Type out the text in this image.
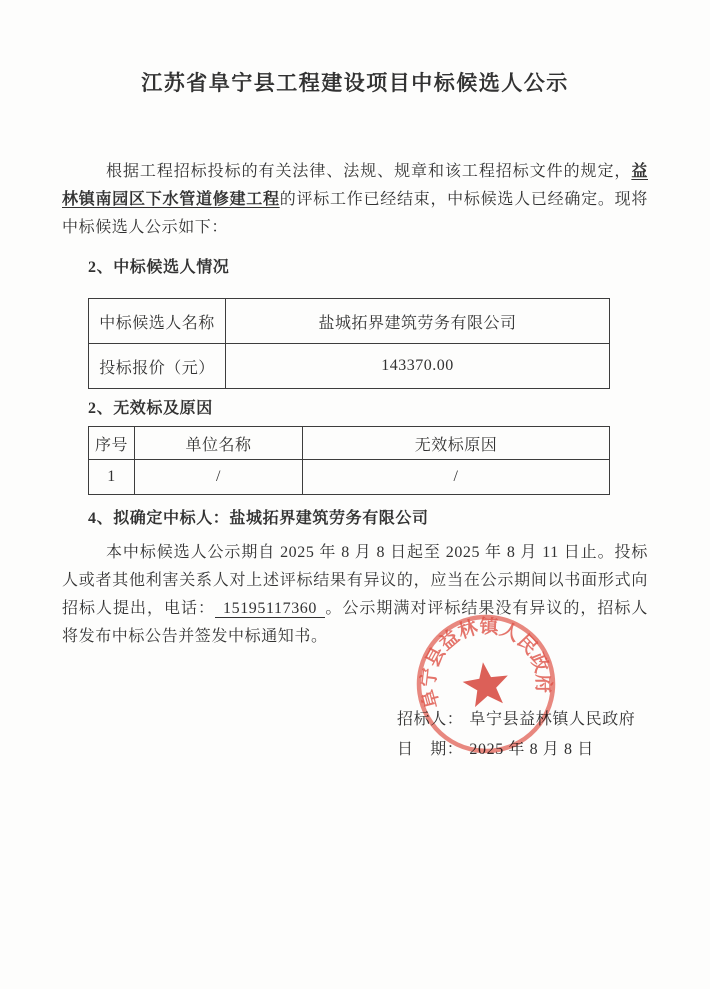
江苏省阜宁县工程建设项目中标候选人公示

根据工程招标投标的有关法律、法规、规章和该工程招标文件的规定，益林镇南园区下水管道修建工程的评标工作已经结束，中标候选人已经确定。现将中标候选人公示如下：

2、中标候选人情况
中标候选人名称	盐城拓界建筑劳务有限公司
投标报价（元）	143370.00
2、无效标及原因
序号	单位名称	无效标原因
1	/	/
4、拟确定中标人：盐城拓界建筑劳务有限公司

本中标候选人公示期自 2025 年 8 月 8 日起至 2025 年 8 月 11 日止。投标人或者其他利害关系人对上述评标结果有异议的，应当在公示期间以书面形式向招标人提出，电话： 15195117360 。公示期满对评标结果没有异议的，招标人将发布中标公告并签发中标通知书。

招标人： 阜宁县益林镇人民政府
日　期： 2025 年 8 月 8 日
阜宁县益林镇人民政府
